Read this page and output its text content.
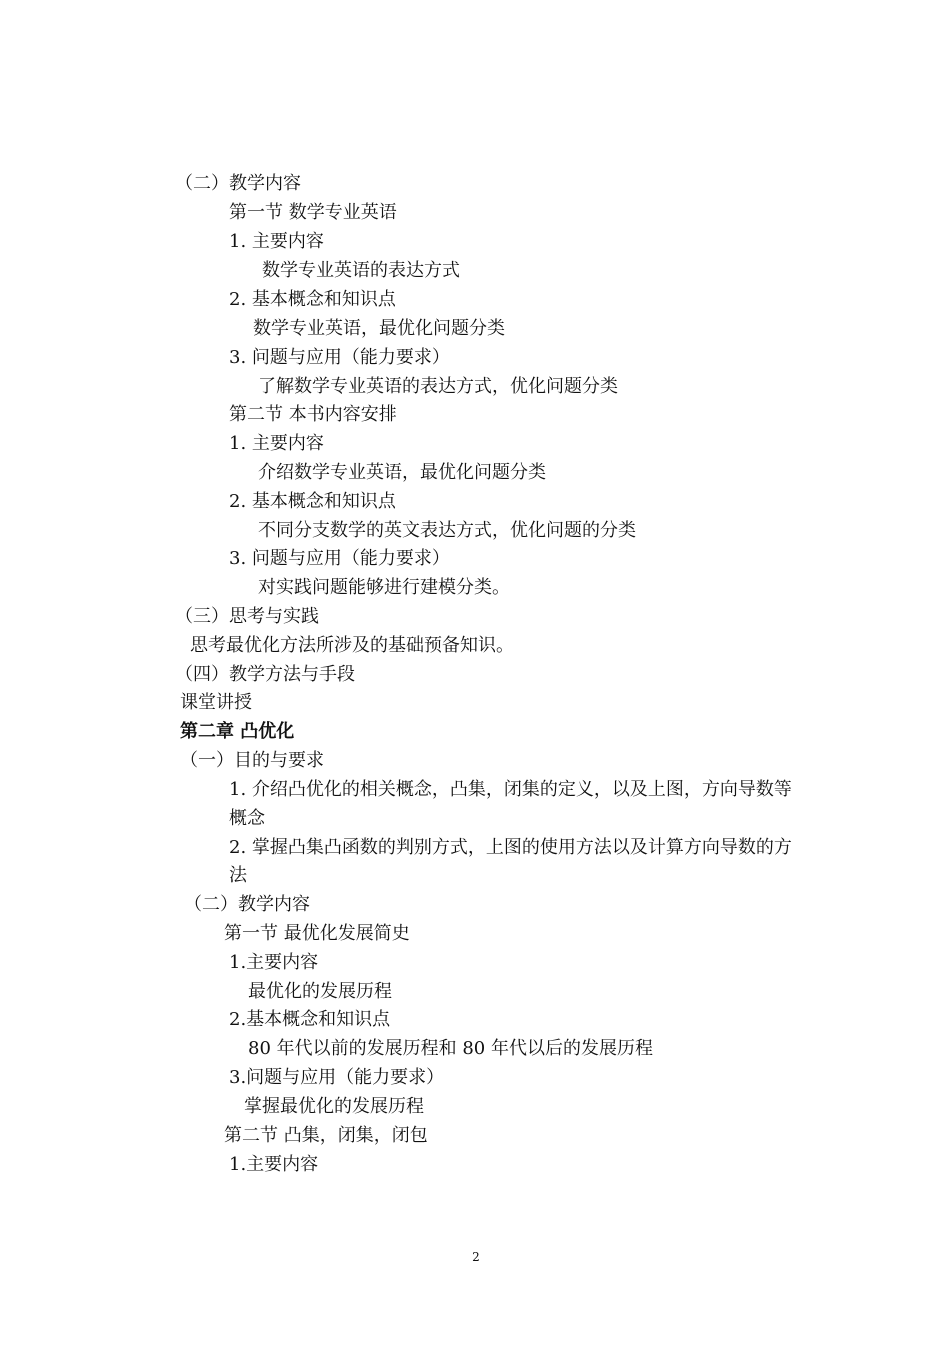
（二）教学内容
第一节 数学专业英语
1. 主要内容
数学专业英语的表达方式
2. 基本概念和知识点
数学专业英语，最优化问题分类
3. 问题与应用（能力要求）
了解数学专业英语的表达方式，优化问题分类
第二节 本书内容安排
1. 主要内容
介绍数学专业英语，最优化问题分类
2. 基本概念和知识点
不同分支数学的英文表达方式，优化问题的分类
3. 问题与应用（能力要求）
对实践问题能够进行建模分类。
（三）思考与实践
思考最优化方法所涉及的基础预备知识。
（四）教学方法与手段
课堂讲授
第二章 凸优化
（一）目的与要求
1. 介绍凸优化的相关概念，凸集，闭集的定义，以及上图，方向导数等
概念
2. 掌握凸集凸函数的判别方式，上图的使用方法以及计算方向导数的方
法
（二）教学内容
第一节 最优化发展简史
1.主要内容
最优化的发展历程
2.基本概念和知识点
80 年代以前的发展历程和 80 年代以后的发展历程
3.问题与应用（能力要求）
掌握最优化的发展历程
第二节 凸集，闭集，闭包
1.主要内容
2
